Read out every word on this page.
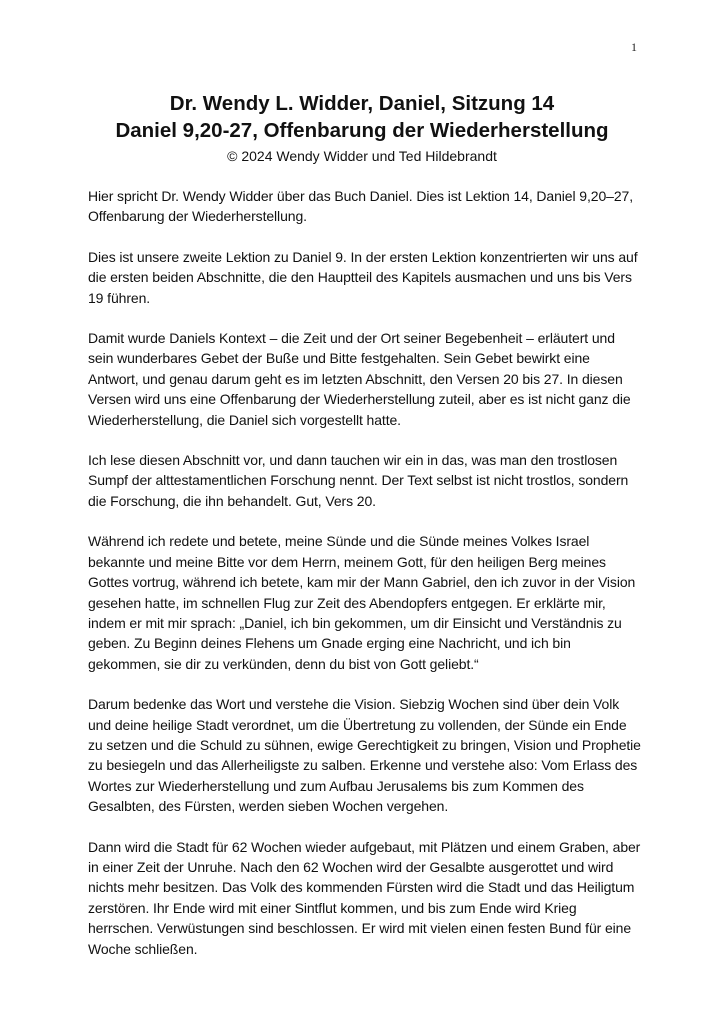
1
Dr. Wendy L. Widder, Daniel, Sitzung 14
Daniel 9,20-27, Offenbarung der Wiederherstellung
© 2024 Wendy Widder und Ted Hildebrandt

Hier spricht Dr. Wendy Widder über das Buch Daniel. Dies ist Lektion 14, Daniel 9,20–27, Offenbarung der Wiederherstellung.

Dies ist unsere zweite Lektion zu Daniel 9. In der ersten Lektion konzentrierten wir uns auf die ersten beiden Abschnitte, die den Hauptteil des Kapitels ausmachen und uns bis Vers 19 führen.

Damit wurde Daniels Kontext – die Zeit und der Ort seiner Begebenheit – erläutert und sein wunderbares Gebet der Buße und Bitte festgehalten. Sein Gebet bewirkt eine Antwort, und genau darum geht es im letzten Abschnitt, den Versen 20 bis 27. In diesen Versen wird uns eine Offenbarung der Wiederherstellung zuteil, aber es ist nicht ganz die Wiederherstellung, die Daniel sich vorgestellt hatte.

Ich lese diesen Abschnitt vor, und dann tauchen wir ein in das, was man den trostlosen Sumpf der alttestamentlichen Forschung nennt. Der Text selbst ist nicht trostlos, sondern die Forschung, die ihn behandelt. Gut, Vers 20.

Während ich redete und betete, meine Sünde und die Sünde meines Volkes Israel bekannte und meine Bitte vor dem Herrn, meinem Gott, für den heiligen Berg meines Gottes vortrug, während ich betete, kam mir der Mann Gabriel, den ich zuvor in der Vision gesehen hatte, im schnellen Flug zur Zeit des Abendopfers entgegen. Er erklärte mir, indem er mit mir sprach: „Daniel, ich bin gekommen, um dir Einsicht und Verständnis zu geben. Zu Beginn deines Flehens um Gnade erging eine Nachricht, und ich bin gekommen, sie dir zu verkünden, denn du bist von Gott geliebt.“

Darum bedenke das Wort und verstehe die Vision. Siebzig Wochen sind über dein Volk und deine heilige Stadt verordnet, um die Übertretung zu vollenden, der Sünde ein Ende zu setzen und die Schuld zu sühnen, ewige Gerechtigkeit zu bringen, Vision und Prophetie zu besiegeln und das Allerheiligste zu salben. Erkenne und verstehe also: Vom Erlass des Wortes zur Wiederherstellung und zum Aufbau Jerusalems bis zum Kommen des Gesalbten, des Fürsten, werden sieben Wochen vergehen.

Dann wird die Stadt für 62 Wochen wieder aufgebaut, mit Plätzen und einem Graben, aber in einer Zeit der Unruhe. Nach den 62 Wochen wird der Gesalbte ausgerottet und wird nichts mehr besitzen. Das Volk des kommenden Fürsten wird die Stadt und das Heiligtum zerstören. Ihr Ende wird mit einer Sintflut kommen, und bis zum Ende wird Krieg herrschen. Verwüstungen sind beschlossen. Er wird mit vielen einen festen Bund für eine Woche schließen.
